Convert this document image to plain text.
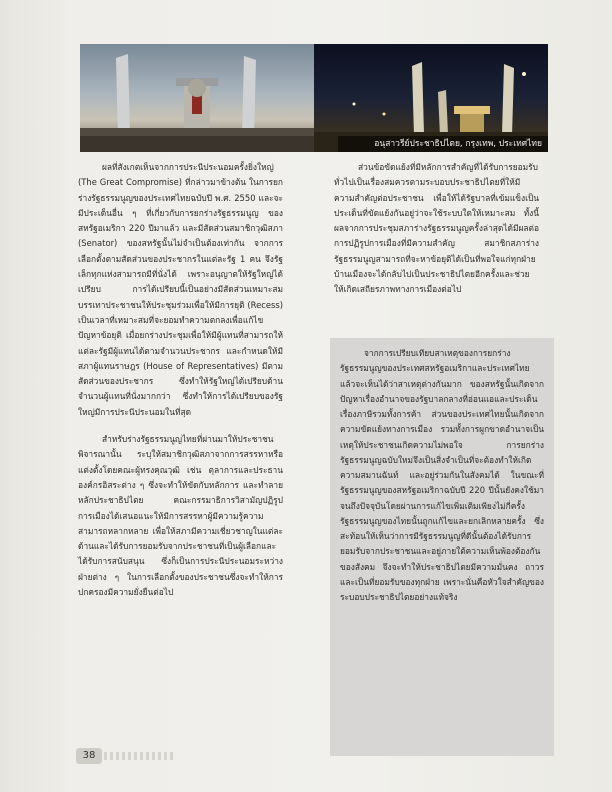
อนุสาวรีย์ประชาธิปไตย, กรุงเทพ, ประเทศไทย

ผลที่สังเกตเห็นจากการประนีประนอมครั้งยิ่งใหญ่ (The Great Compromise) ที่กล่าวมาข้างต้น ในการยกร่างรัฐธรรมนูญของประเทศไทยฉบับปี พ.ศ. 2550 และจะมีประเด็นอื่น ๆ ที่เกี่ยวกับการยกร่างรัฐธรรมนูญ ของสหรัฐอเมริกา 220 ปีมาแล้ว และมีสัดส่วนสมาชิกวุฒิสภา (Senator) ของสหรัฐนั้นไม่จำเป็นต้องเท่ากัน จากการเลือกตั้งตามสัดส่วนของประชากรในแต่ละรัฐ 1 คน จึงรัฐเล็กทุกแห่งสามารถมีที่นั่งได้ เพราะอนุญาตให้รัฐใหญ่ได้เปรียบ การได้เปรียบนี้เป็นอย่างมีสัดส่วนเหมาะสม บรรเทาประชาชนให้ประชุมร่วมเพื่อให้มีการยุติ (Recess) เป็นเวลาที่เหมาะสมที่จะยอมทำความตกลงเพื่อแก้ไขปัญหาข้อยุติ เมื่อยกร่างประชุมเพื่อให้มีผู้แทนที่สามารถให้แต่ละรัฐมีผู้แทนได้ตามจำนวนประชากร และกำหนดให้มีสภาผู้แทนราษฎร (House of Representatives) มีตามสัดส่วนของประชากร ซึ่งทำให้รัฐใหญ่ได้เปรียบด้านจำนวนผู้แทนที่นั่งมากกว่า ซึ่งทำให้การได้เปรียบของรัฐใหญ่มีการประนีประนอมในที่สุด

สำหรับร่างรัฐธรรมนูญไทยที่ผ่านมาให้ประชาชนพิจารณานั้น ระบุให้สมาชิกวุฒิสภาจากการสรรหาหรือแต่งตั้งโดยคณะผู้ทรงคุณวุฒิ เช่น ตุลาการและประธานองค์กรอิสระต่าง ๆ ซึ่งจะทำให้ขัดกับหลักการ และทำลายหลักประชาธิปไตย คณะกรรมาธิการวิสามัญปฏิรูปการเมืองได้เสนอแนะให้มีการสรรหาผู้มีความรู้ความสามารถหลากหลาย เพื่อให้สภามีความเชี่ยวชาญในแต่ละด้านและได้รับการยอมรับจากประชาชนที่เป็นผู้เลือกและได้รับการสนับสนุน ซึ่งก็เป็นการประนีประนอมระหว่างฝ่ายต่าง ๆ ในการเลือกตั้งของประชาชนซึ่งจะทำให้การปกครองมีความยั่งยืนต่อไป

ส่วนข้อขัดแย้งที่มีหลักการสำคัญที่ได้รับการยอมรับทั่วไปเป็นเรื่องสมควรตามระบอบประชาธิปไตยที่ให้มีความสำคัญต่อประชาชน เพื่อให้ได้รัฐบาลที่เข้มแข็งเป็นประเด็นที่ขัดแย้งกันอยู่ว่าจะใช้ระบบใดให้เหมาะสม ทั้งนี้ผลจากการประชุมสภาร่างรัฐธรรมนูญครั้งล่าสุดได้มีผลต่อการปฏิรูปการเมืองที่มีความสำคัญ สมาชิกสภาร่างรัฐธรรมนูญสามารถที่จะหาข้อยุติได้เป็นที่พอใจแก่ทุกฝ่าย บ้านเมืองจะได้กลับไปเป็นประชาธิปไตยอีกครั้งและช่วยให้เกิดเสถียรภาพทางการเมืองต่อไป

จากการเปรียบเทียบสาเหตุของการยกร่างรัฐธรรมนูญของประเทศสหรัฐอเมริกาและประเทศไทย แล้วจะเห็นได้ว่าสาเหตุต่างกันมาก ของสหรัฐนั้นเกิดจากปัญหาเรื่องอำนาจของรัฐบาลกลางที่อ่อนแอและประเด็นเรื่องภาษีรวมทั้งการค้า ส่วนของประเทศไทยนั้นเกิดจากความขัดแย้งทางการเมือง รวมทั้งการผูกขาดอำนาจเป็นเหตุให้ประชาชนเกิดความไม่พอใจ การยกร่างรัฐธรรมนูญฉบับใหม่จึงเป็นสิ่งจำเป็นที่จะต้องทำให้เกิดความสมานฉันท์ และอยู่ร่วมกันในสังคมได้ ในขณะที่รัฐธรรมนูญของสหรัฐอเมริกาฉบับปี 220 ปีนั้นยังคงใช้มาจนถึงปัจจุบันโดยผ่านการแก้ไขเพิ่มเติมเพียงไม่กี่ครั้ง รัฐธรรมนูญของไทยนั้นถูกแก้ไขและยกเลิกหลายครั้ง ซึ่งสะท้อนให้เห็นว่าการมีรัฐธรรมนูญที่ดีนั้นต้องได้รับการยอมรับจากประชาชนและอยู่ภายใต้ความเห็นพ้องต้องกันของสังคม จึงจะทำให้ประชาธิปไตยมีความมั่นคง ถาวร และเป็นที่ยอมรับของทุกฝ่าย เพราะนั่นคือหัวใจสำคัญของระบอบประชาธิปไตยอย่างแท้จริง

38
